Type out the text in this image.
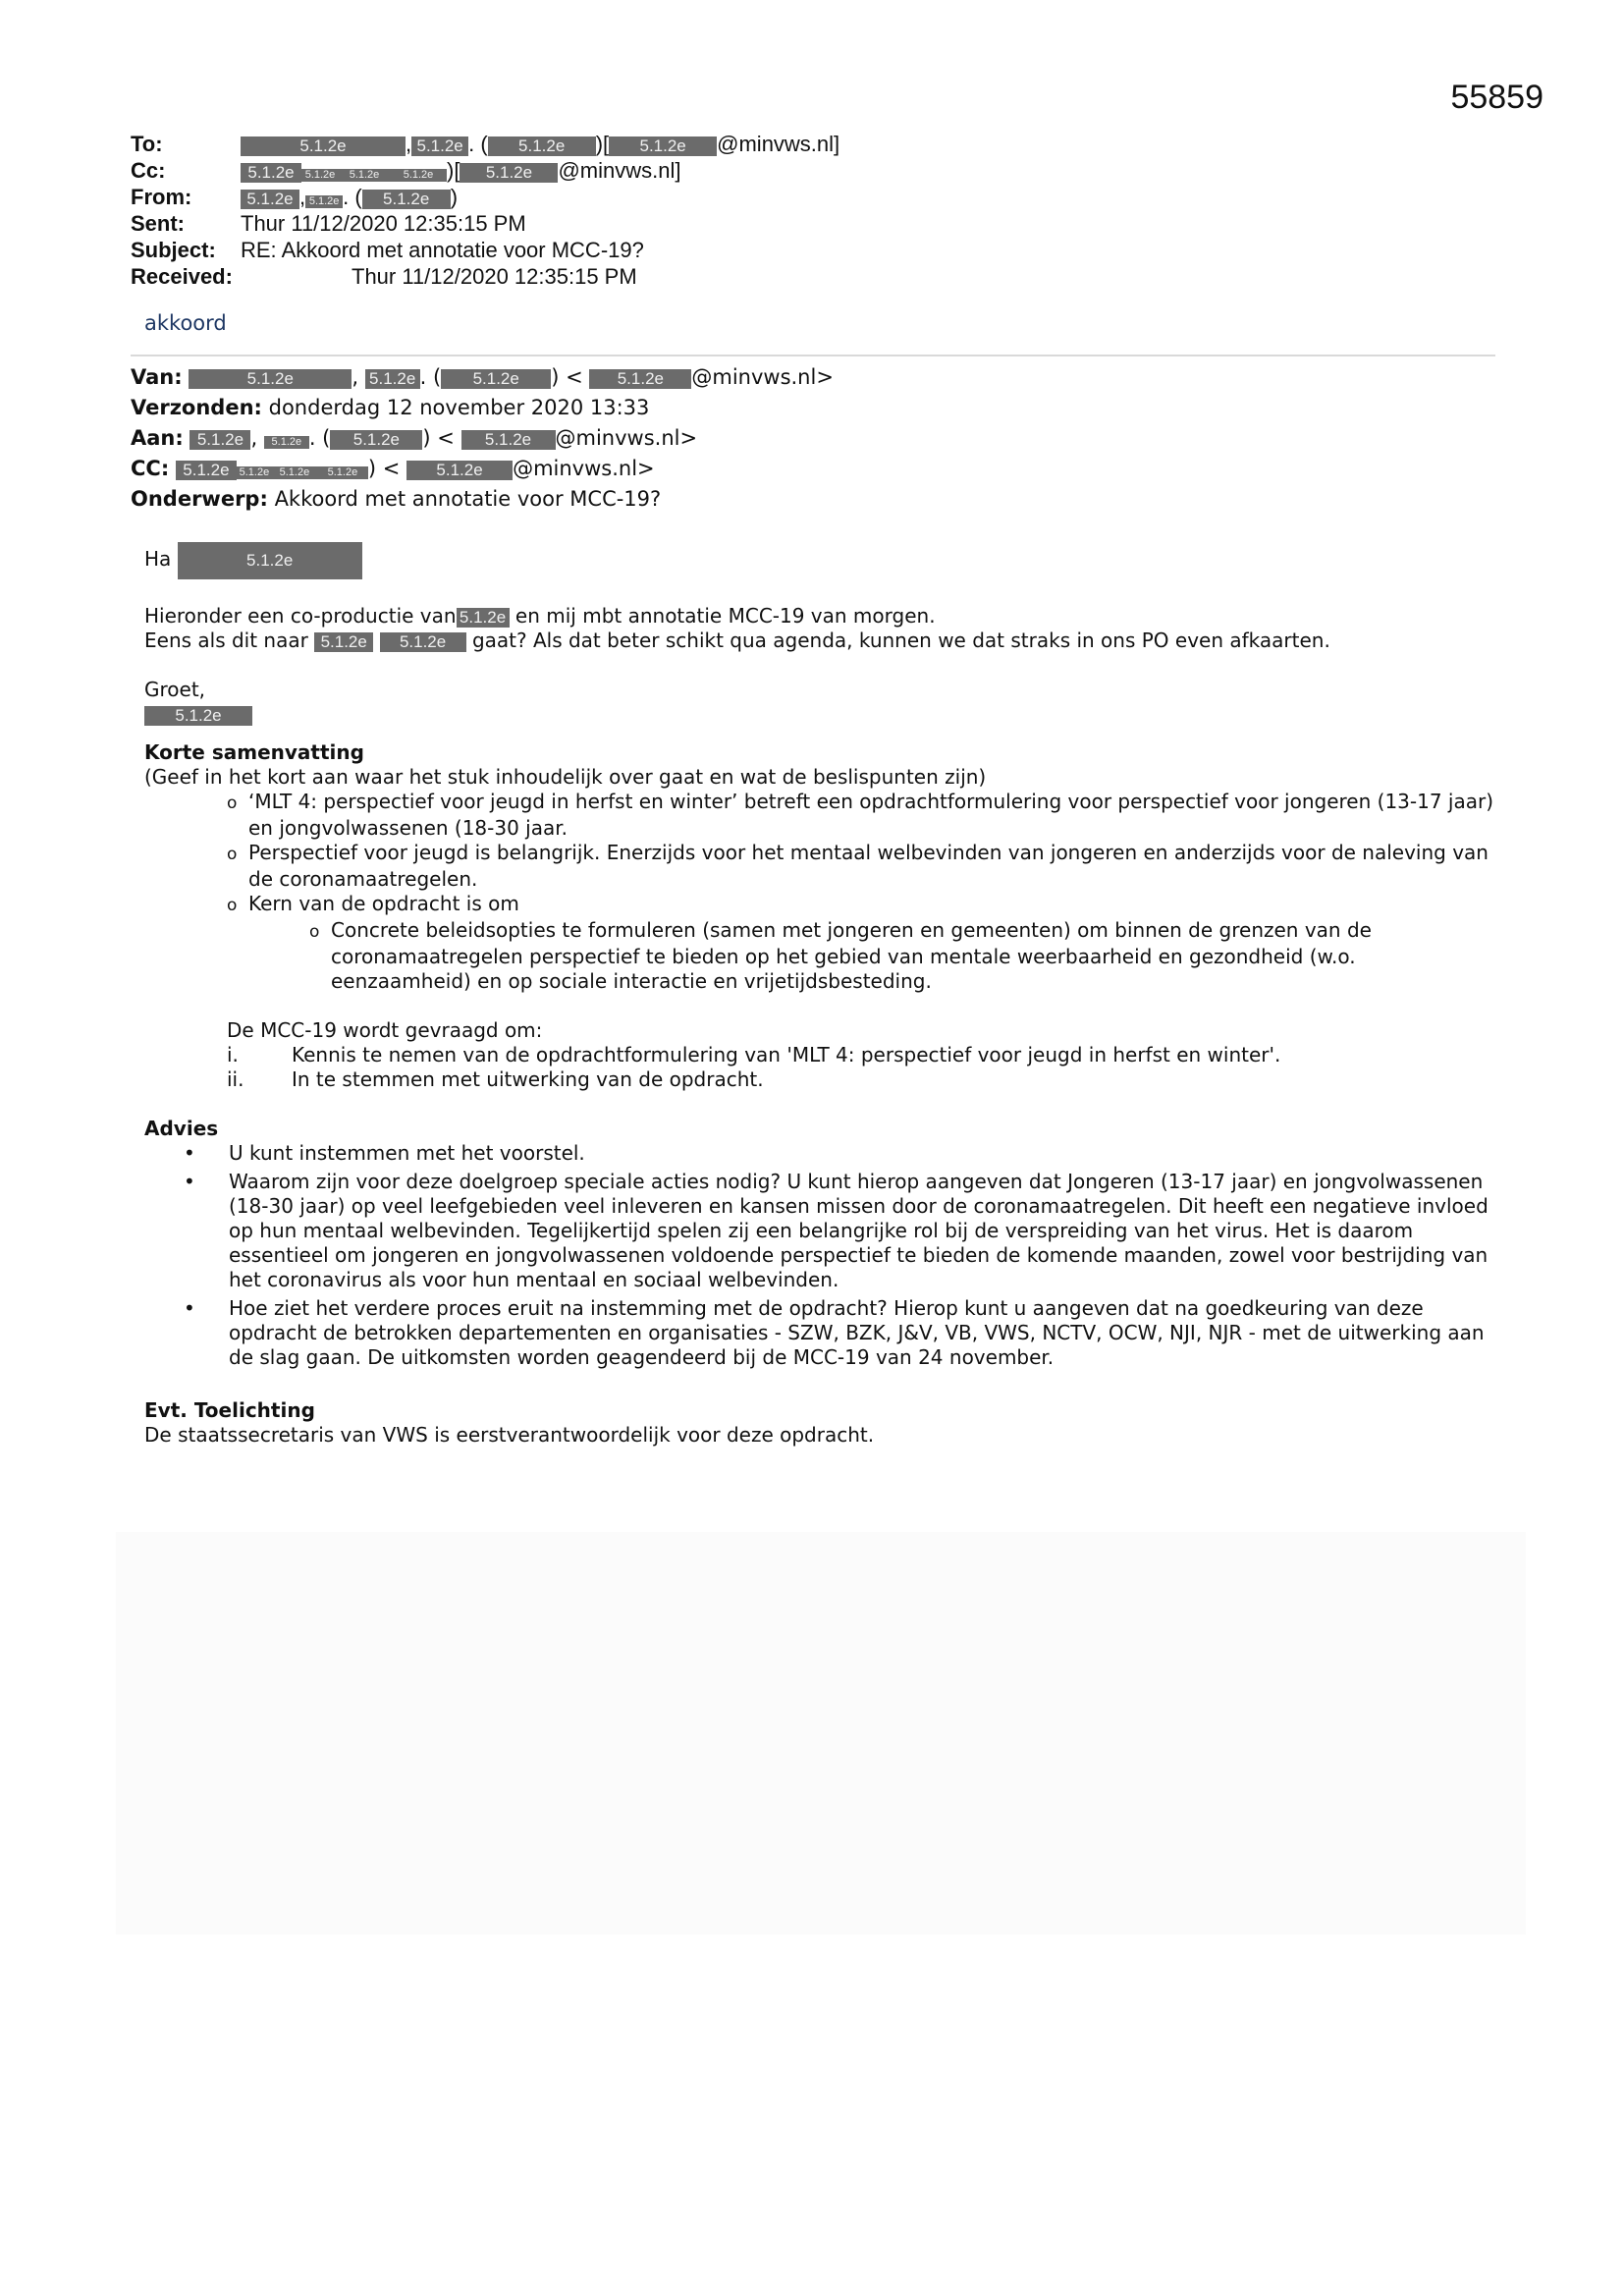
55859
To:	5.1.2e	, 5.1.2e . (	5.1.2e	)[	5.1.2e	@minvws.nl]
Cc:	5.1.2e	5.1.2e	5.1.2e	5.1.2e )[	5.1.2e	@minvws.nl]
From:	5.1.2e , 5.1.2e . (	5.1.2e )
Sent:	Thur 11/12/2020 12:35:15 PM
Subject:	RE: Akkoord met annotatie voor MCC-19?
Received:	Thur 11/12/2020 12:35:15 PM

akkoord

Van:	5.1.2e	, 5.1.2e . ( 5.1.2e ) < 5.1.2e @minvws.nl>
Verzonden: donderdag 12 november 2020 13:33
Aan: 5.1.2e , 5.1.2e . ( 5.1.2e ) < 5.1.2e @minvws.nl>
CC: 5.1.2e 5.1.2e 5.1.2e 5.1.2e ) < 5.1.2e @minvws.nl>
Onderwerp: Akkoord met annotatie voor MCC-19?

Ha	5.1.2e

Hieronder een co-productie van 5.1.2e en mij mbt annotatie MCC-19 van morgen.

Eens als dit naar 5.1.2e 5.1.2e gaat? Als dat beter schikt qua agenda, kunnen we dat straks in ons PO even afkaarten.

Groet,

5.1.2e

Korte samenvatting

(Geef in het kort aan waar het stuk inhoudelijk over gaat en wat de beslispunten zijn)

o ‘MLT 4: perspectief voor jeugd in herfst en winter’ betreft een opdrachtformulering voor perspectief voor jongeren (13-17 jaar) en jongvolwassenen (18-30 jaar.
o Perspectief voor jeugd is belangrijk. Enerzijds voor het mentaal welbevinden van jongeren en anderzijds voor de naleving van de coronamaatregelen.
o Kern van de opdracht is om
o Concrete beleidsopties te formuleren (samen met jongeren en gemeenten) om binnen de grenzen van de coronamaatregelen perspectief te bieden op het gebied van mentale weerbaarheid en gezondheid (w.o. eenzaamheid) en op sociale interactie en vrijetijdsbesteding.

De MCC-19 wordt gevraagd om:

i.	Kennis te nemen van de opdrachtformulering van 'MLT 4: perspectief voor jeugd in herfst en winter'.
ii.	In te stemmen met uitwerking van de opdracht.

Advies

• U kunt instemmen met het voorstel.
• Waarom zijn voor deze doelgroep speciale acties nodig? U kunt hierop aangeven dat Jongeren (13-17 jaar) en jongvolwassenen (18-30 jaar) op veel leefgebieden veel inleveren en kansen missen door de coronamaatregelen. Dit heeft een negatieve invloed op hun mentaal welbevinden. Tegelijkertijd spelen zij een belangrijke rol bij de verspreiding van het virus. Het is daarom essentieel om jongeren en jongvolwassenen voldoende perspectief te bieden de komende maanden, zowel voor bestrijding van het coronavirus als voor hun mentaal en sociaal welbevinden.
• Hoe ziet het verdere proces eruit na instemming met de opdracht? Hierop kunt u aangeven dat na goedkeuring van deze opdracht de betrokken departementen en organisaties - SZW, BZK, J&V, VB, VWS, NCTV, OCW, NJI, NJR - met de uitwerking aan de slag gaan. De uitkomsten worden geagendeerd bij de MCC-19 van 24 november.

Evt. Toelichting

De staatssecretaris van VWS is eerstverantwoordelijk voor deze opdracht.
